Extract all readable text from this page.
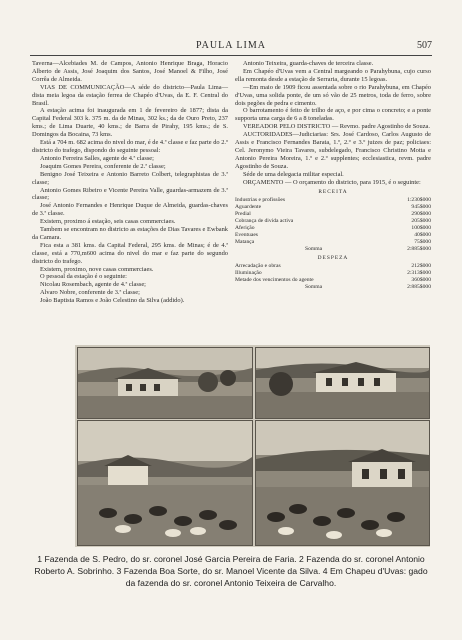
PAULA LIMA	507

Taverna—Alcebiades M. de Campos, Antonio Henrique Braga, Horacio Alberto de Assis, José Joaquim dos Santos, José Manoel & Filho, José Corrêa de Almeida.

VIAS DE COMMUNICAÇÃO—A séde do districto—Paula Lima—dista meia legoa da estação ferrea de Chapéo d'Uvas, da E. F. Central do Brasil.

A estação acima foi inaugurada em 1 de fevereiro de 1877; dista da Capital Federal 303 k. 375 m. da de Minas, 302 ks.; da de Ouro Preto, 237 kms.; de Lima Duarte, 40 kms.; de Barra de Pirahy, 195 kms.; de S. Domingos da Bocaina, 73 kms.

Está a 704 m. 682 acima do nivel do mar, é de 4.ª classe e faz parte do 2.º districto do trafego, dispondo do seguinte pessoal:

Antonio Ferreira Salles, agente de 4.ª classe;

Joaquim Gomes Pereira, conferente de 2.ª classe;

Benigno José Teixeira e Antonio Barreto Colbert, telegraphistas de 3.ª classe;

Antonio Gomes Ribeiro e Vicente Pereira Valle, guardas-armazem de 3.ª classe;

José Antonio Fernandes e Henrique Duque de Almeida, guardas-chaves de 3.ª classe.

Existem, proximo á estação, seis casas commerciaes.

Tambem se encontram no districto as estações de Dias Tavares e Ewbank da Camara.

Fica esta a 381 kms. da Capital Federal, 295 kms. de Minas; é de 4.ª classe, está a 770,m600 acima do nivel do mar e faz parte do segundo districto do trafego.

Existem, proximo, nove casas commerciaes.

O pessoal da estação é o seguinte:

Nicolau Rosembach, agente de 4.ª classe;

Alvaro Nobre, conferente de 3.ª classe;

João Baptista Ramos e João Celestino da Silva (addido).

Antonio Teixeira, guarda-chaves de terceira classe.

Em Chapéo d'Uvas vem a Central margeando o Parahybuna, cujo curso ella remonta desde a estação de Serraria, durante 15 legoas.

—Em maio de 1909 ficou assentada sobre o rio Parahybuna, em Chapéo d'Uvas, uma solida ponte, de um só vão de 25 metros, toda de ferro, sobre dois pegões de pedra e cimento.

O barrotamento é feito de trilho de aço, e por cima o concreto; e a ponte supporta uma carga de 6 a 8 toneladas.

VEREADOR PELO DISTRICTO — Revmo. padre Agostinho de Souza.

AUCTORIDADES—Judiciarias: Srs. José Cardoso, Carlos Augusto de Assis e Francisco Fernandes Barata, 1.º, 2.º e 3.º juizes de paz; policiaes: Cel. Jeronymo Vieira Tavares, subdelegado, Francisco Christino Motta e Antonio Pereira Moreira, 1.º e 2.º supplentes; ecclesiastica, revm. padre Agostinho de Souza.

Séde de uma delegacia militar especial.

ORÇAMENTO — O orçamento do districto, para 1915, é o seguinte:

RECEITA
Industrias e profissões	1:230$000
Aguardente	945$000
Predial	290$000
Cobrança de divida activa	205$000
Aferição	100$000
Eventuaes	40$000
Matança	75$000
Somma	2:885$000
DESPEZA
Arrecadação e obras	212$000
Illuminação	2:313$000
Metade dos vencimentos do agente	360$000
Somma	2:885$000
1 Fazenda de S. Pedro, do sr. coronel José Garcia Pereira de Faria. 2 Fazenda do sr. coronel Antonio Roberto A. Sobrinho. 3 Fazenda Boa Sorte, do sr. Manoel Vicente da Silva. 4 Em Chapeu d'Uvas: gado da fazenda do sr. coronel Antonio Teixeira de Carvalho.
